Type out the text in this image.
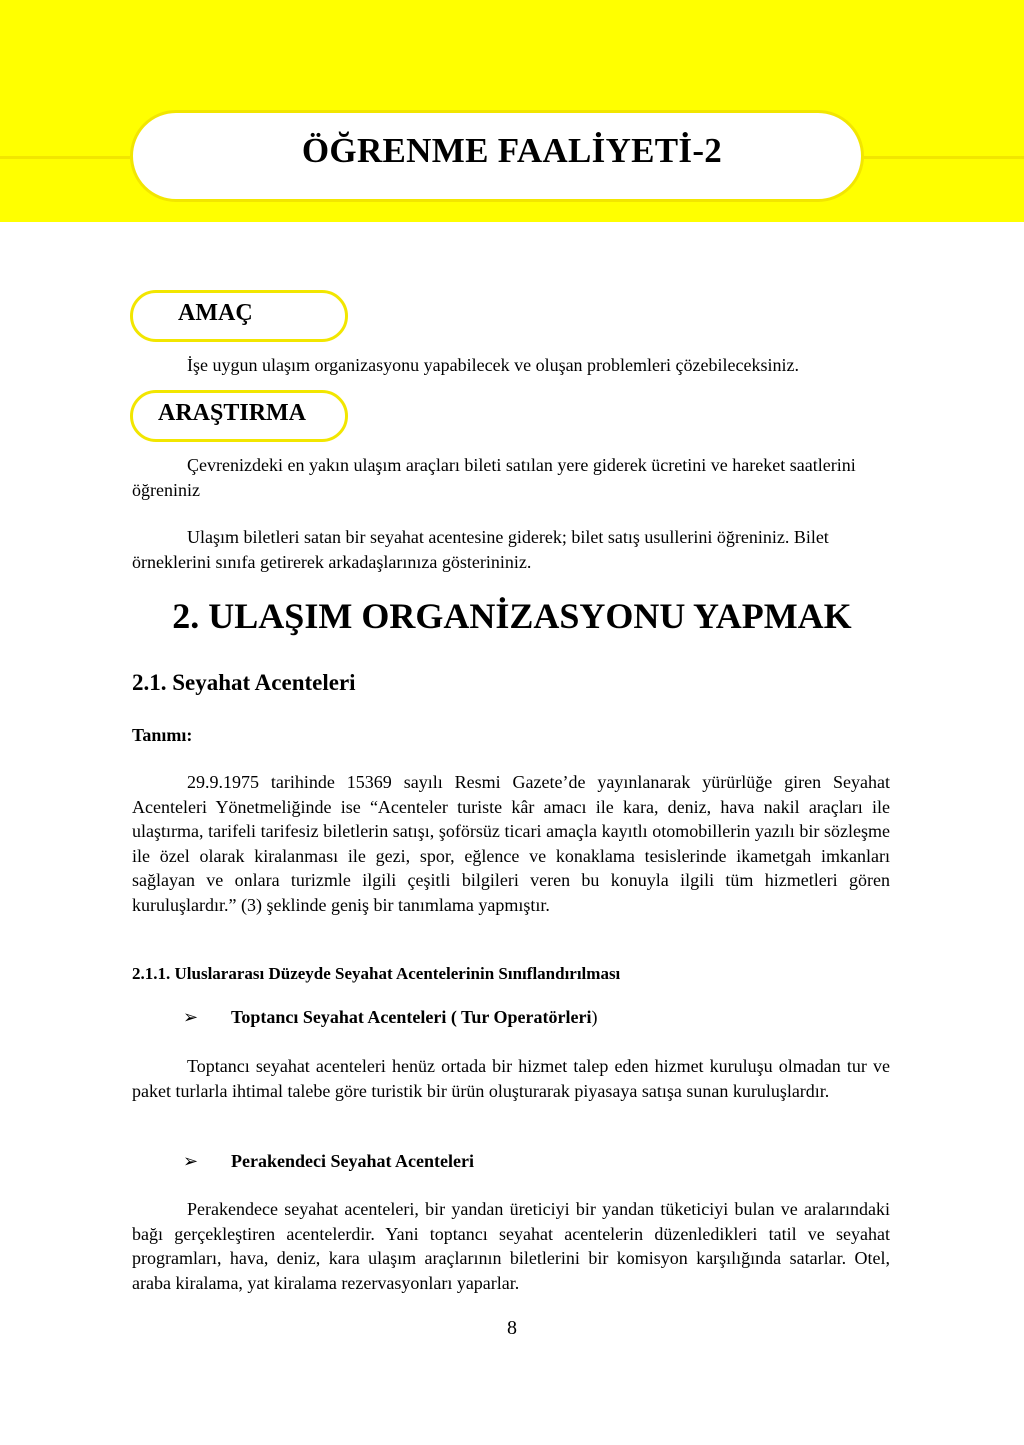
ÖĞRENME FAALİYETİ-2
AMAÇ

İşe uygun ulaşım organizasyonu yapabilecek ve oluşan problemleri çözebileceksiniz.

ARAŞTIRMA

Çevrenizdeki en yakın ulaşım araçları bileti satılan yere giderek ücretini ve hareket saatlerini öğreniniz

Ulaşım biletleri satan bir seyahat acentesine giderek; bilet satış usullerini öğreniniz. Bilet örneklerini sınıfa getirerek arkadaşlarınıza gösterininiz.

2. ULAŞIM ORGANİZASYONU YAPMAK
2.1. Seyahat Acenteleri
Tanımı:

29.9.1975 tarihinde 15369 sayılı Resmi Gazete’de yayınlanarak yürürlüğe giren Seyahat Acenteleri Yönetmeliğinde ise “Acenteler turiste kâr amacı ile kara, deniz, hava nakil araçları ile ulaştırma, tarifeli tarifesiz biletlerin satışı, şoförsüz ticari amaçla kayıtlı otomobillerin yazılı bir sözleşme ile özel olarak kiralanması ile gezi, spor, eğlence ve konaklama tesislerinde ikametgah imkanları sağlayan ve onlara turizmle ilgili çeşitli bilgileri veren bu konuyla ilgili tüm hizmetleri gören kuruluşlardır.” (3) şeklinde geniş bir tanımlama yapmıştır.

2.1.1. Uluslararası Düzeyde Seyahat Acentelerinin Sınıflandırılması
➢ Toptancı Seyahat Acenteleri ( Tur Operatörleri)

Toptancı seyahat acenteleri henüz ortada bir hizmet talep eden hizmet kuruluşu olmadan tur ve paket turlarla ihtimal talebe göre turistik bir ürün oluşturarak piyasaya satışa sunan kuruluşlardır.

➢ Perakendeci Seyahat Acenteleri

Perakendece seyahat acenteleri, bir yandan üreticiyi bir yandan tüketiciyi bulan ve aralarındaki bağı gerçekleştiren acentelerdir. Yani toptancı seyahat acentelerin düzenledikleri tatil ve seyahat programları, hava, deniz, kara ulaşım araçlarının biletlerini bir komisyon karşılığında satarlar. Otel, araba kiralama, yat kiralama rezervasyonları yaparlar.

8
